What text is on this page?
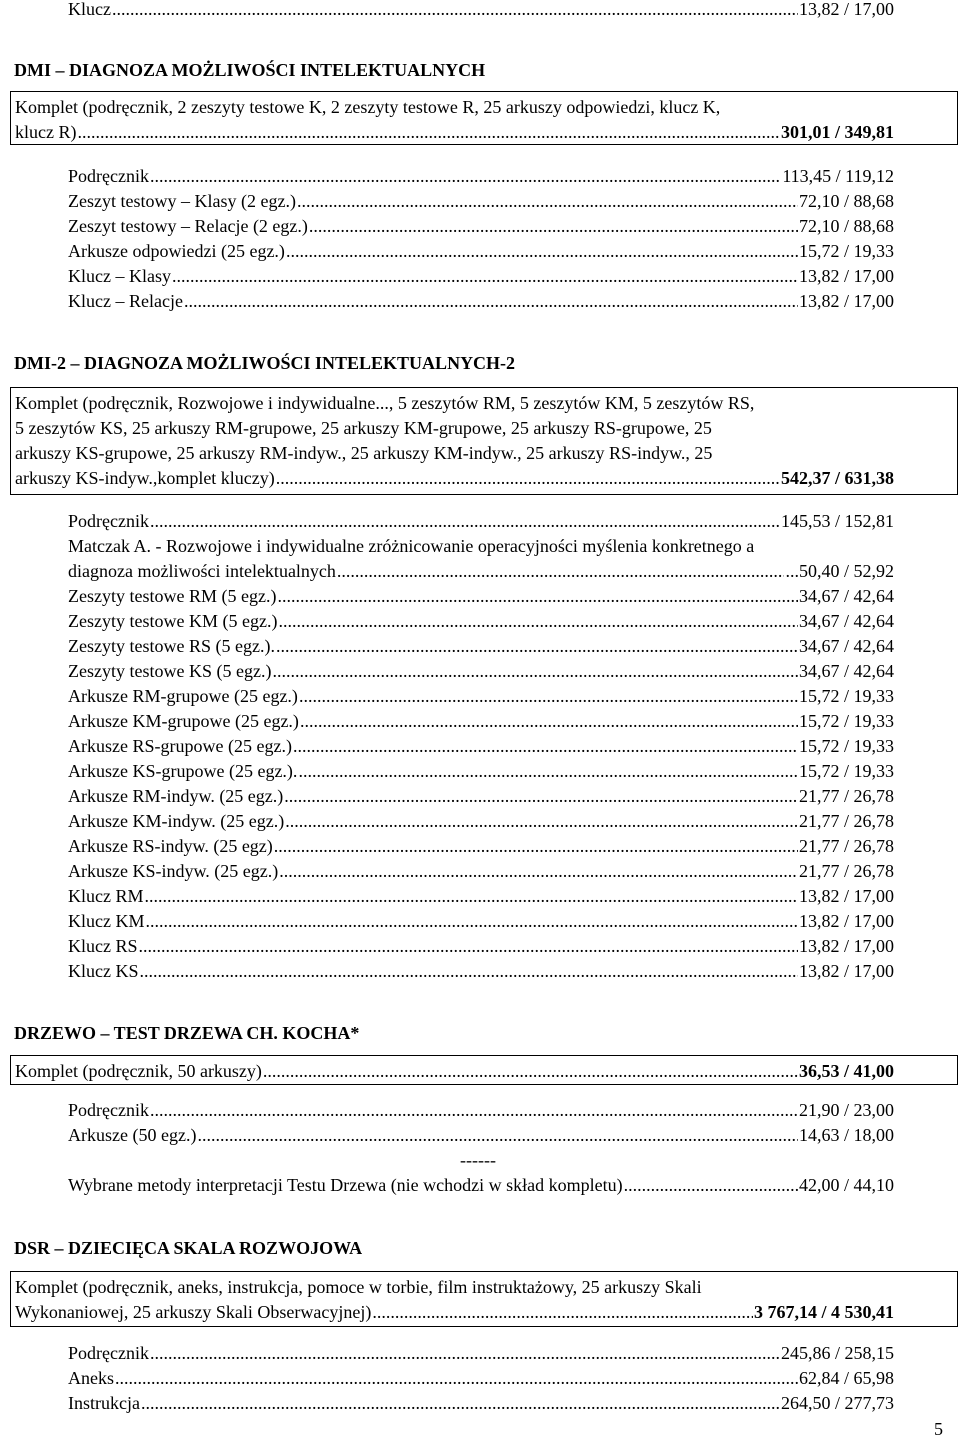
Klucz .....	13,82 / 17,00
DMI – DIAGNOZA MOŻLIWOŚCI INTELEKTUALNYCH
Komplet (podręcznik, 2 zeszyty testowe K, 2 zeszyty testowe R, 25 arkuszy odpowiedzi, klucz K,
klucz R) .....	301,01 / 349,81
Podręcznik .....	113,45 / 119,12
Zeszyt testowy – Klasy (2 egz.) .....	72,10 / 88,68
Zeszyt testowy – Relacje (2 egz.) .....	72,10 / 88,68
Arkusze odpowiedzi (25 egz.) .....	15,72 / 19,33
Klucz – Klasy .....	13,82 / 17,00
Klucz – Relacje .....	13,82 / 17,00
DMI-2 – DIAGNOZA MOŻLIWOŚCI INTELEKTUALNYCH-2
Komplet (podręcznik, Rozwojowe i indywidualne..., 5 zeszytów RM, 5 zeszytów KM, 5 zeszytów RS,
5 zeszytów KS, 25 arkuszy RM-grupowe, 25 arkuszy KM-grupowe, 25 arkuszy RS-grupowe, 25
arkuszy KS-grupowe, 25 arkuszy RM-indyw., 25 arkuszy KM-indyw., 25 arkuszy RS-indyw., 25
arkuszy KS-indyw.,komplet kluczy) .....	542,37 / 631,38
Podręcznik .....	145,53 / 152,81
Matczak A. - Rozwojowe i indywidualne zróżnicowanie operacyjności myślenia konkretnego a
diagnoza możliwości intelektualnych .....	...50,40 / 52,92
Zeszyty testowe RM (5 egz.) .....	34,67 / 42,64
Zeszyty testowe KM (5 egz.) .....	34,67 / 42,64
Zeszyty testowe RS (5 egz.). .....	34,67 / 42,64
Zeszyty testowe KS (5 egz.) .....	34,67 / 42,64
Arkusze RM-grupowe (25 egz.) .....	15,72 / 19,33
Arkusze KM-grupowe (25 egz.) .....	15,72 / 19,33
Arkusze RS-grupowe (25 egz.) .....	15,72 / 19,33
Arkusze KS-grupowe (25 egz.). .....	15,72 / 19,33
Arkusze RM-indyw. (25 egz.) .....	21,77 / 26,78
Arkusze KM-indyw. (25 egz.) .....	21,77 / 26,78
Arkusze RS-indyw. (25 egz) .....	21,77 / 26,78
Arkusze KS-indyw. (25 egz.) .....	21,77 / 26,78
Klucz RM .....	13,82 / 17,00
Klucz KM .....	13,82 / 17,00
Klucz RS .....	13,82 / 17,00
Klucz KS .....	13,82 / 17,00
DRZEWO – TEST DRZEWA CH. KOCHA*
Komplet (podręcznik, 50 arkuszy) .....	36,53 / 41,00
Podręcznik .....	21,90 / 23,00
Arkusze (50 egz.) .....	14,63 / 18,00
------
Wybrane metody interpretacji Testu Drzewa (nie wchodzi w skład kompletu) .....	42,00 / 44,10
DSR – DZIECIĘCA SKALA ROZWOJOWA
Komplet (podręcznik, aneks, instrukcja, pomoce w torbie, film instruktażowy, 25 arkuszy Skali
Wykonaniowej, 25 arkuszy Skali Obserwacyjnej) .....	3 767,14 / 4 530,41
Podręcznik .....	245,86 / 258,15
Aneks .....	62,84 / 65,98
Instrukcja .....	264,50 / 277,73
5
